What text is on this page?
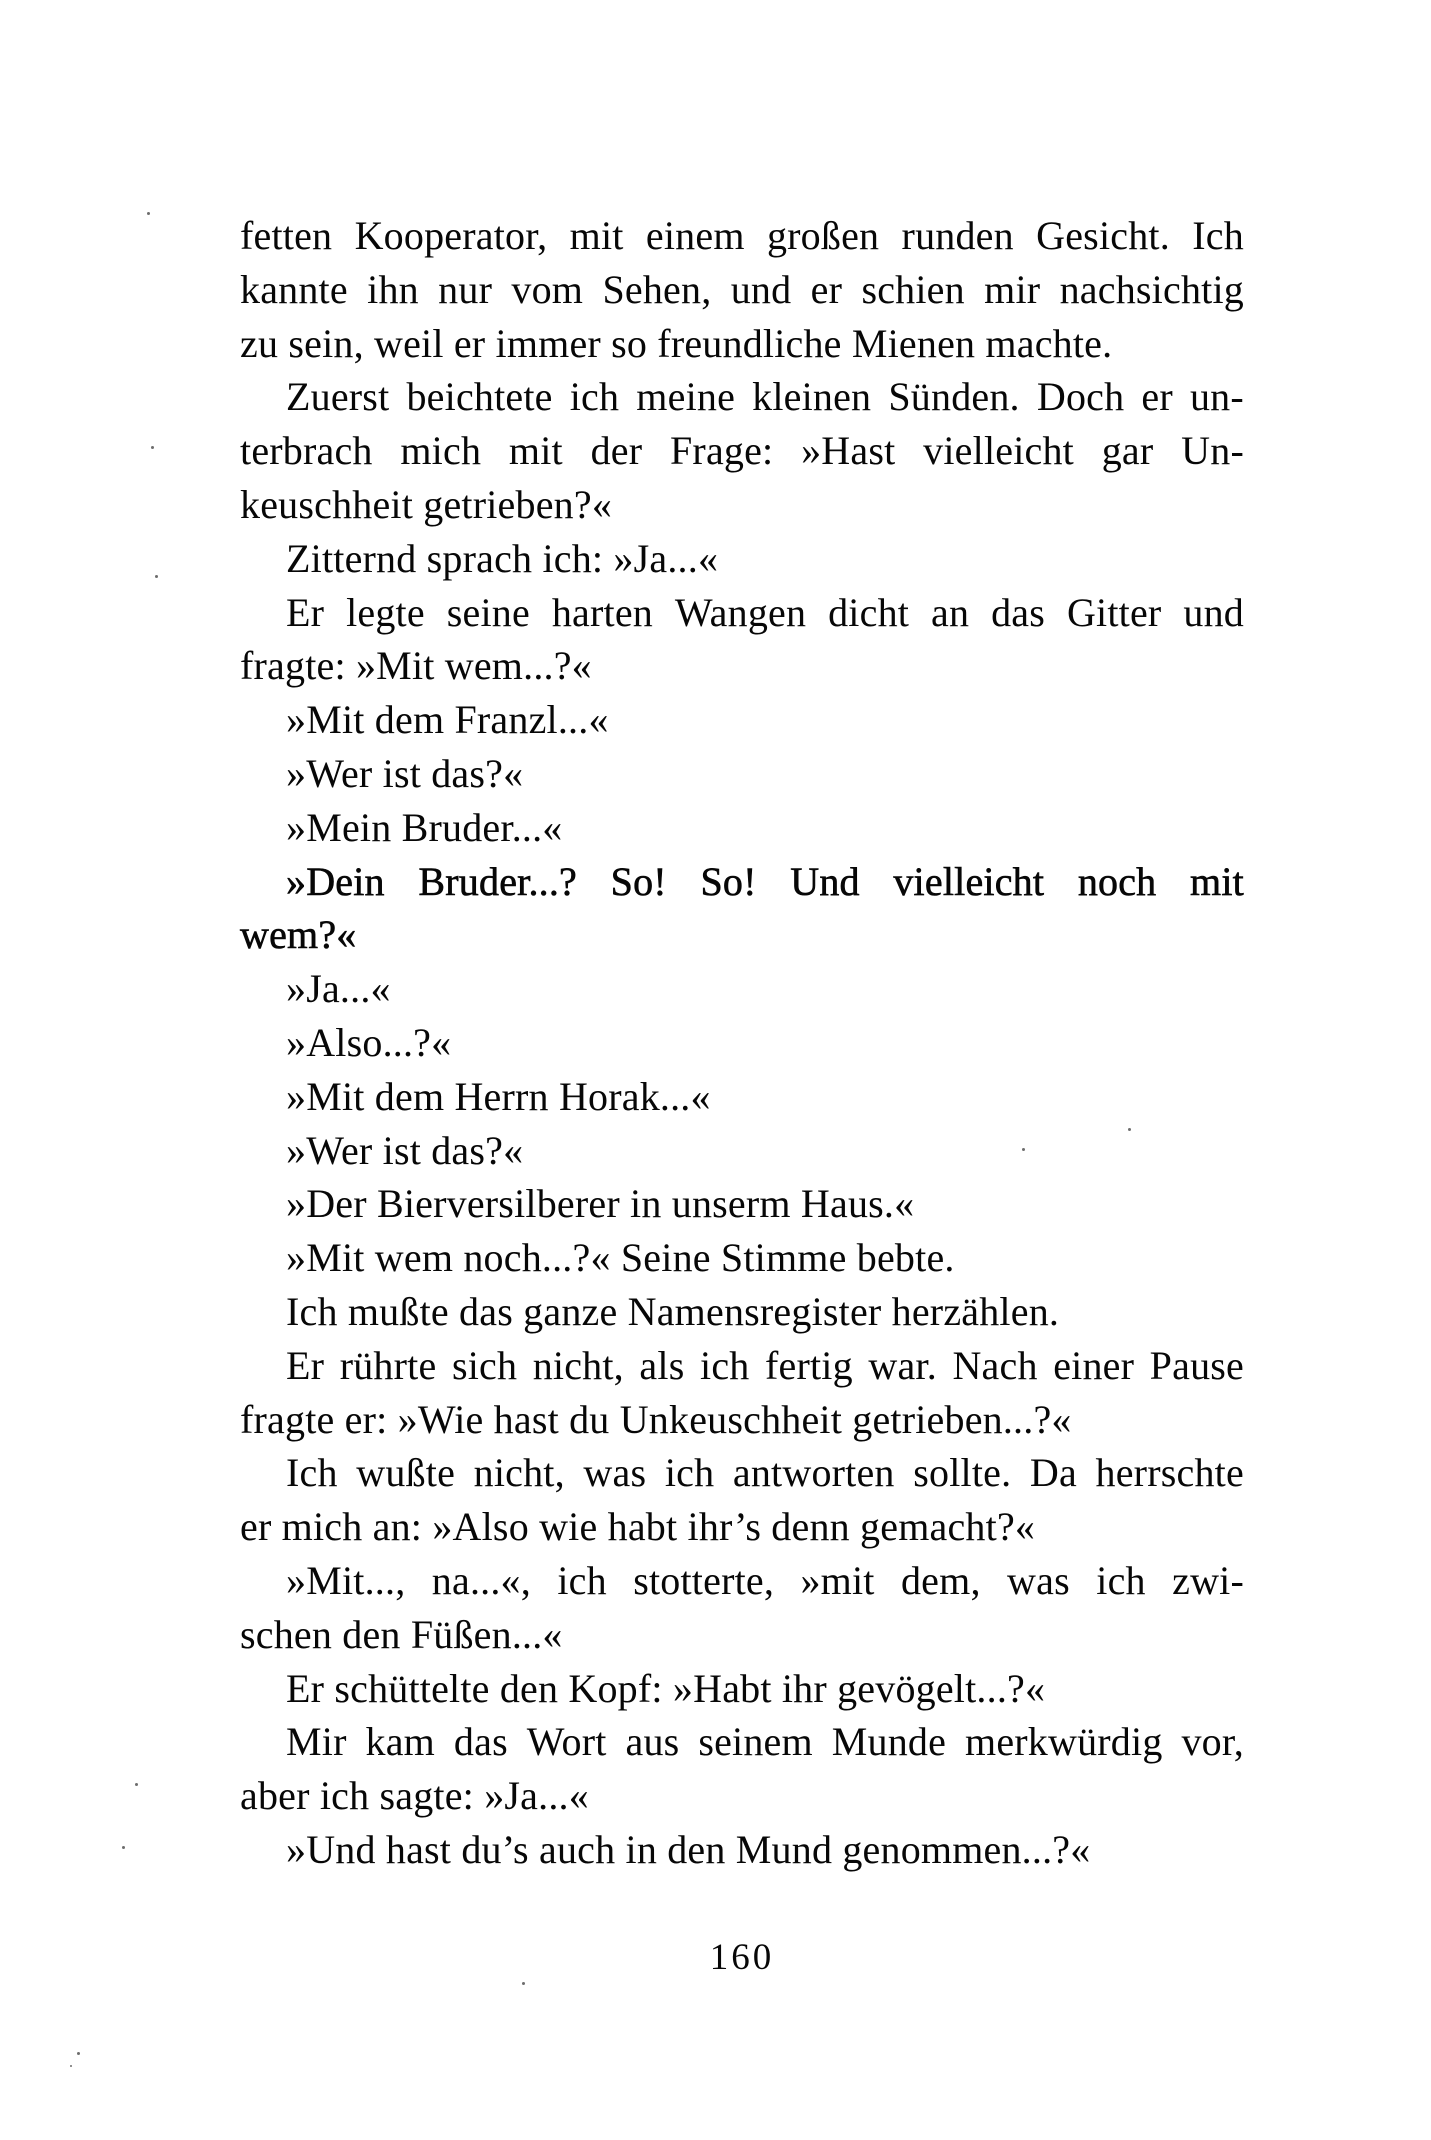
fetten Kooperator, mit einem großen runden Gesicht. Ich
kannte ihn nur vom Sehen, und er schien mir nachsichtig
zu sein, weil er immer so freundliche Mienen machte.
Zuerst beichtete ich meine kleinen Sünden. Doch er un-
terbrach mich mit der Frage: »Hast vielleicht gar Un-
keuschheit getrieben?«
Zitternd sprach ich: »Ja...«
Er legte seine harten Wangen dicht an das Gitter und
fragte: »Mit wem...?«
»Mit dem Franzl...«
»Wer ist das?«
»Mein Bruder...«
»Dein Bruder...? So! So! Und vielleicht noch mit
wem?«
»Ja...«
»Also...?«
»Mit dem Herrn Horak...«
»Wer ist das?«
»Der Bierversilberer in unserm Haus.«
»Mit wem noch...?« Seine Stimme bebte.
Ich mußte das ganze Namensregister herzählen.
Er rührte sich nicht, als ich fertig war. Nach einer Pause
fragte er: »Wie hast du Unkeuschheit getrieben...?«
Ich wußte nicht, was ich antworten sollte. Da herrschte
er mich an: »Also wie habt ihr’s denn gemacht?«
»Mit..., na...«, ich stotterte, »mit dem, was ich zwi-
schen den Füßen...«
Er schüttelte den Kopf: »Habt ihr gevögelt...?«
Mir kam das Wort aus seinem Munde merkwürdig vor,
aber ich sagte: »Ja...«
»Und hast du’s auch in den Mund genommen...?«
160
